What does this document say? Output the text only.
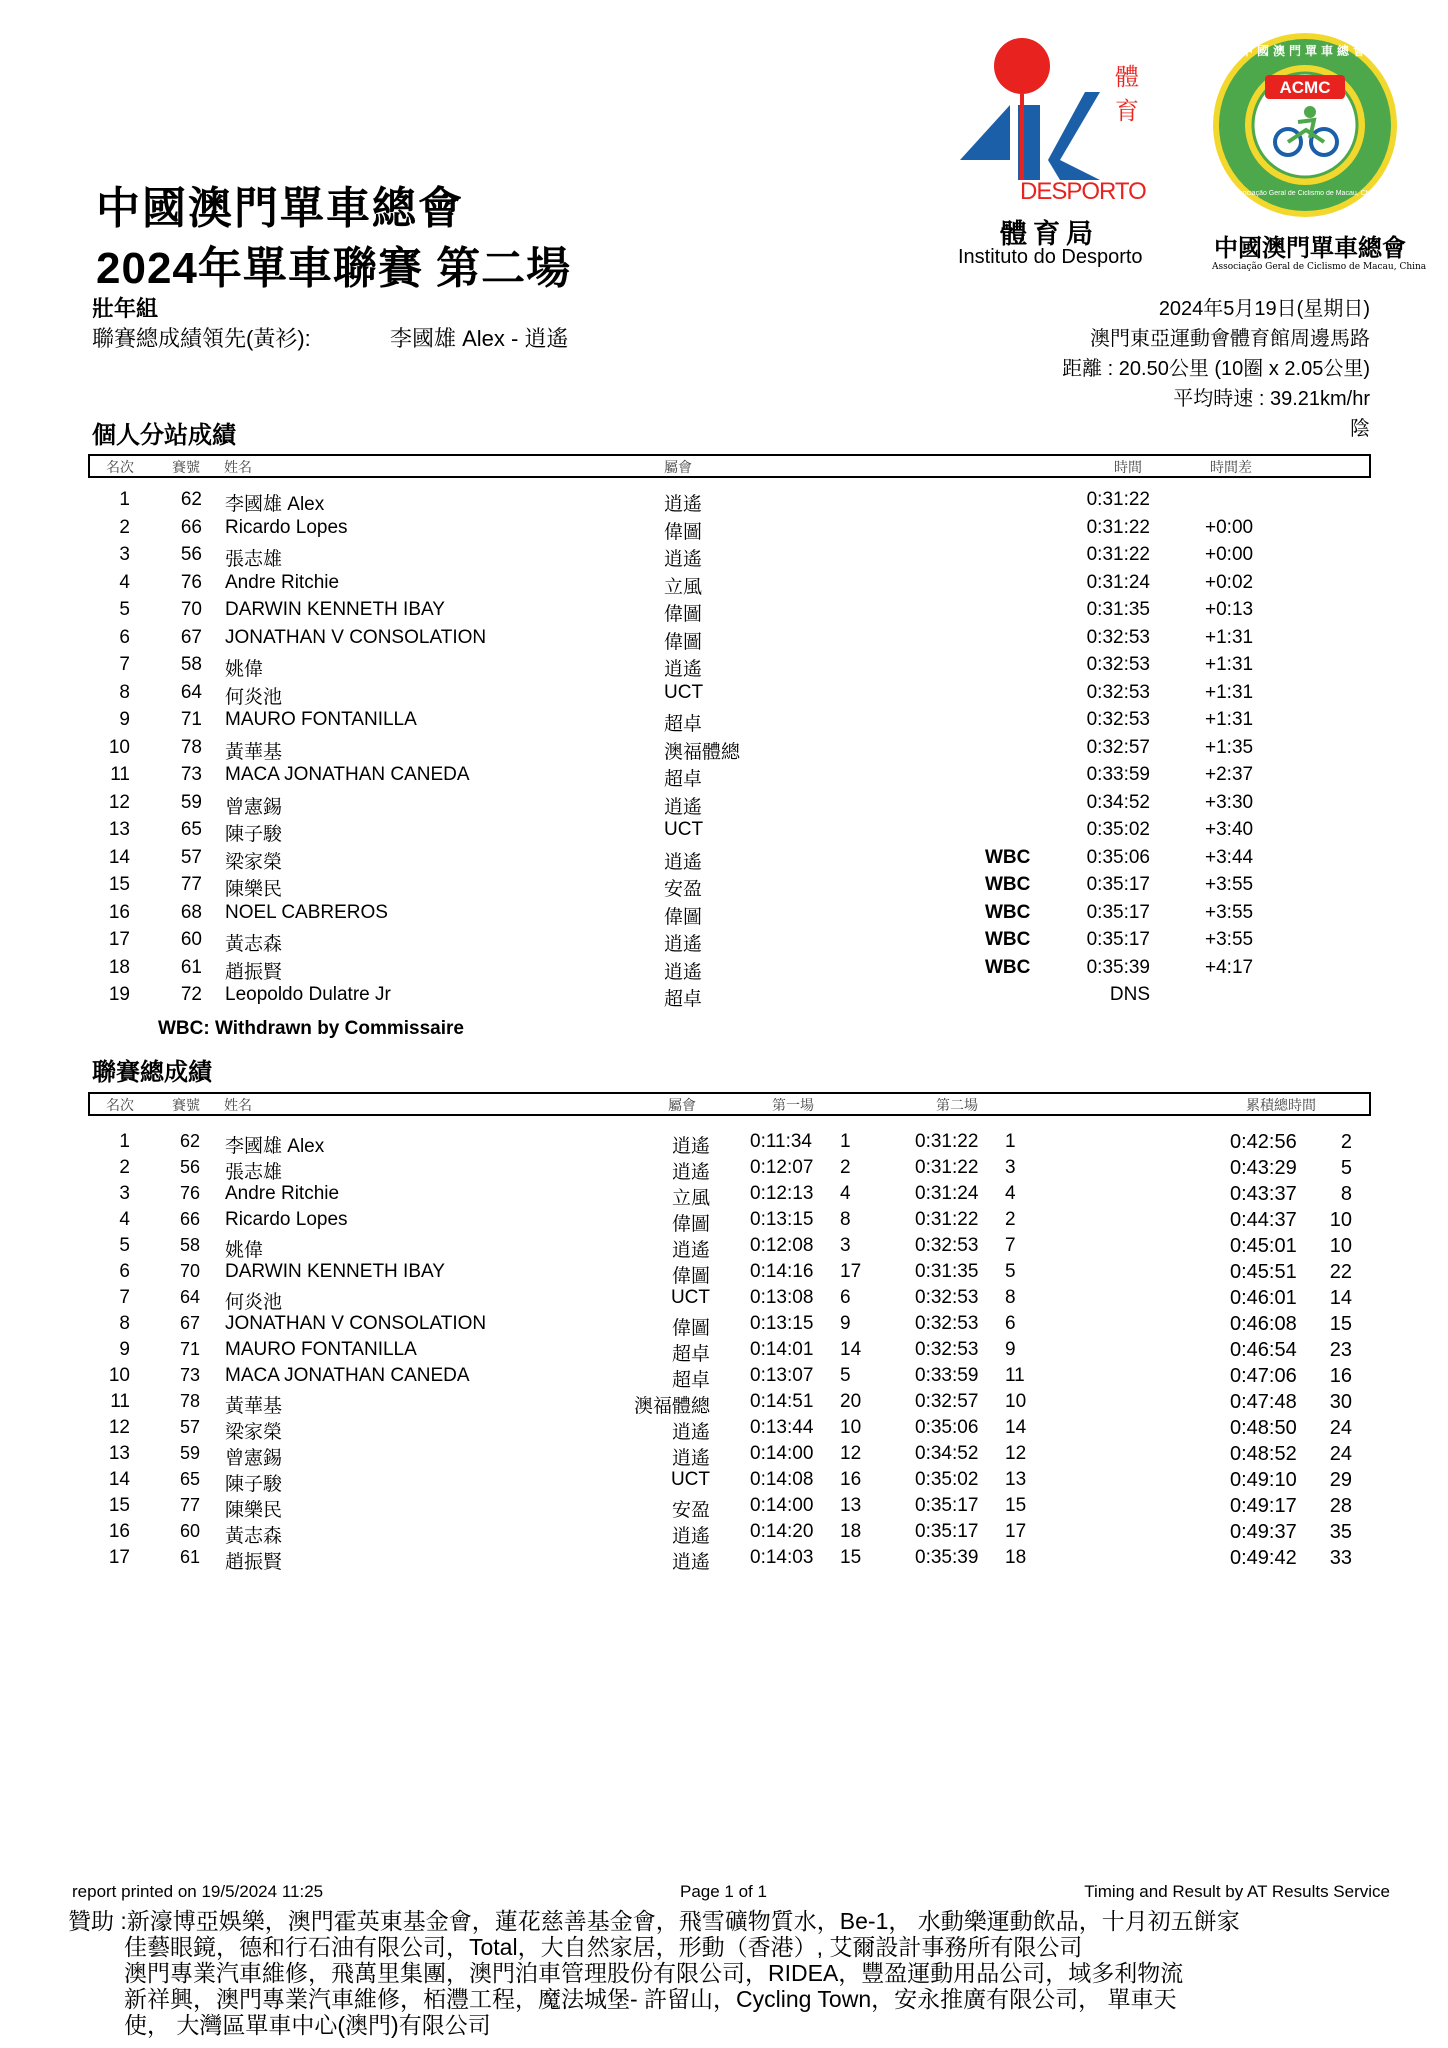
體育
DESPORTO
體育局
Instituto do Desporto
ACMC
中國澳門單車總會
Associação Geral de Ciclismo de Macau, China
中國澳門單車總會
Associação Geral de Ciclismo de Macau, China
中國澳門單車總會
2024年單車聯賽 第二場
壯年組
聯賽總成績領先(黃衫):	李國雄 Alex - 逍遙
2024年5月19日(星期日)
澳門東亞運動會體育館周邊馬路
距離 : 20.50公里 (10圈 x 2.05公里)
平均時速 : 39.21km/hr
陰
個人分站成績
名次	賽號 姓名	屬會	時間	時間差
1	62 李國雄 Alex	逍遙	0:31:22
2	66 Ricardo Lopes	偉圖	0:31:22	+0:00
3	56 張志雄	逍遙	0:31:22	+0:00
4	76 Andre Ritchie	立風	0:31:24	+0:02
5	70 DARWIN KENNETH IBAY	偉圖	0:31:35	+0:13
6	67 JONATHAN V CONSOLATION	偉圖	0:32:53	+1:31
7	58 姚偉	逍遙	0:32:53	+1:31
8	64 何炎池	UCT	0:32:53	+1:31
9	71 MAURO FONTANILLA	超卓	0:32:53	+1:31
10	78 黃華基	澳福體總	0:32:57	+1:35
11	73 MACA JONATHAN CANEDA	超卓	0:33:59	+2:37
12	59 曾憲錫	逍遙	0:34:52	+3:30
13	65 陳子駿	UCT	0:35:02	+3:40
14	57 梁家榮	逍遙	WBC	0:35:06	+3:44
15	77 陳樂民	安盈	WBC	0:35:17	+3:55
16	68 NOEL CABREROS	偉圖	WBC	0:35:17	+3:55
17	60 黃志森	逍遙	WBC	0:35:17	+3:55
18	61 趙振賢	逍遙	WBC	0:35:39	+4:17
19	72 Leopoldo Dulatre Jr	超卓	DNS
WBC: Withdrawn by Commissaire
聯賽總成績
名次	賽號 姓名	屬會	第一場	第二場	累積總時間
1	62 李國雄 Alex	逍遙 0:11:34 1	0:31:22 1	0:42:56	2
2	56 張志雄	逍遙 0:12:07 2	0:31:22 3	0:43:29	5
3	76 Andre Ritchie	立風 0:12:13 4	0:31:24 4	0:43:37	8
4	66 Ricardo Lopes	偉圖 0:13:15 8	0:31:22 2	0:44:37	10
5	58 姚偉	逍遙 0:12:08 3	0:32:53 7	0:45:01	10
6	70 DARWIN KENNETH IBAY	偉圖 0:14:16 17	0:31:35 5	0:45:51	22
7	64 何炎池	UCT 0:13:08 6	0:32:53 8	0:46:01	14
8	67 JONATHAN V CONSOLATION	偉圖 0:13:15 9	0:32:53 6	0:46:08	15
9	71 MAURO FONTANILLA	超卓 0:14:01 14	0:32:53 9	0:46:54	23
10	73 MACA JONATHAN CANEDA	超卓 0:13:07 5	0:33:59 11	0:47:06	16
11	78 黃華基	澳福體總 0:14:51 20	0:32:57 10	0:47:48	30
12	57 梁家榮	逍遙 0:13:44 10	0:35:06 14	0:48:50	24
13	59 曾憲錫	逍遙 0:14:00 12	0:34:52 12	0:48:52	24
14	65 陳子駿	UCT 0:14:08 16	0:35:02 13	0:49:10	29
15	77 陳樂民	安盈 0:14:00 13	0:35:17 15	0:49:17	28
16	60 黃志森	逍遙 0:14:20 18	0:35:17 17	0:49:37	35
17	61 趙振賢	逍遙 0:14:03 15	0:35:39 18	0:49:42	33
report printed on 19/5/2024 11:25	Page 1 of 1	Timing and Result by AT Results Service
贊助 :新濠博亞娛樂，澳門霍英東基金會，蓮花慈善基金會，飛雪礦物質水，Be-1， 水動樂運動飲品，十月初五餅家
佳藝眼鏡，德和行石油有限公司，Total，大自然家居，形動（香港）, 艾爾設計事務所有限公司
澳門專業汽車維修，飛萬里集團，澳門泊車管理股份有限公司，RIDEA，豐盈運動用品公司，域多利物流
新祥興，澳門專業汽車維修，栢灃工程，魔法城堡- 許留山，Cycling Town，安永推廣有限公司， 單車天
使， 大灣區單車中心(澳門)有限公司
